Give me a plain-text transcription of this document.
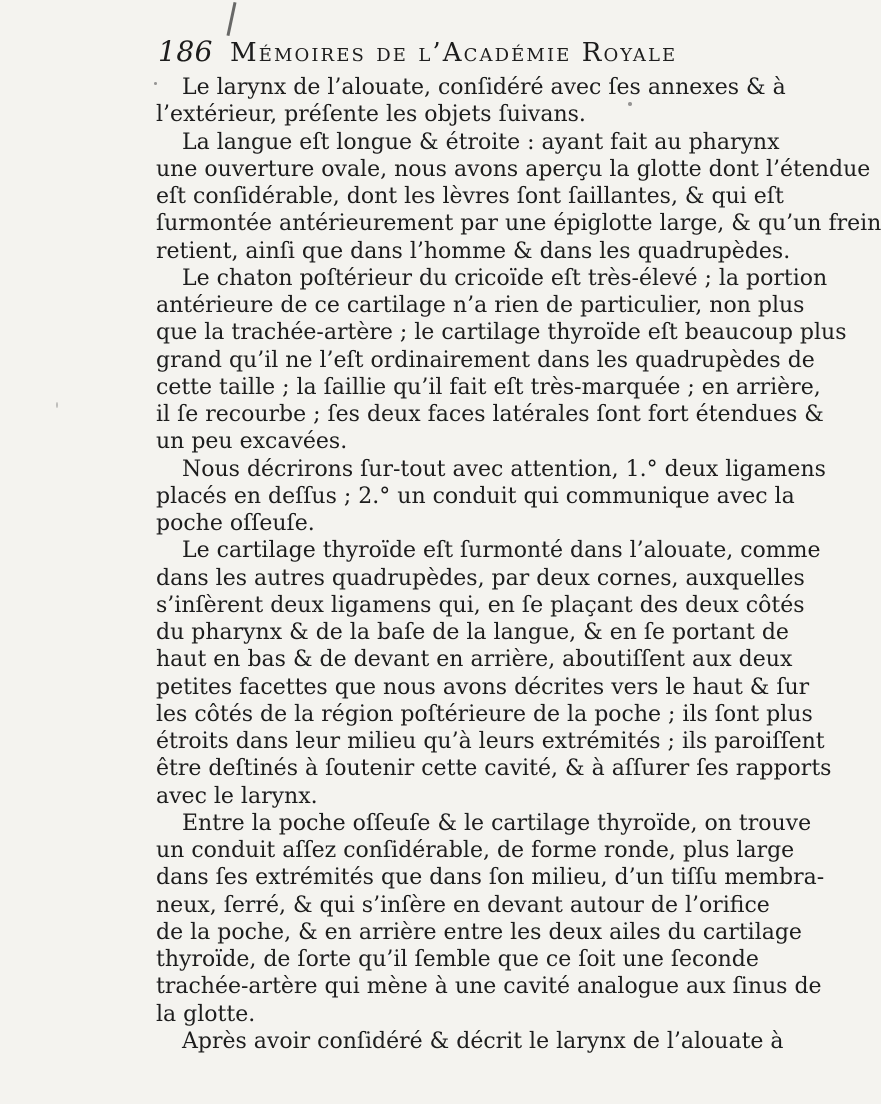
186 Mémoires de l’Académie Royale
Le larynx de l’alouate, conſidéré avec ſes annexes & à
l’extérieur, préſente les objets ſuivans.
La langue eſt longue & étroite : ayant fait au pharynx
une ouverture ovale, nous avons aperçu la glotte dont l’étendue
eſt conſidérable, dont les lèvres ſont ſaillantes, & qui eſt
ſurmontée antérieurement par une épiglotte large, & qu’un frein
retient, ainſi que dans l’homme & dans les quadrupèdes.
Le chaton poſtérieur du cricoïde eſt très-élevé ; la portion
antérieure de ce cartilage n’a rien de particulier, non plus
que la trachée-artère ; le cartilage thyroïde eſt beaucoup plus
grand qu’il ne l’eſt ordinairement dans les quadrupèdes de
cette taille ; la ſaillie qu’il fait eſt très-marquée ; en arrière,
il ſe recourbe ; ſes deux faces latérales ſont fort étendues &
un peu excavées.
Nous décrirons ſur-tout avec attention, 1.° deux ligamens
placés en deſſus ; 2.° un conduit qui communique avec la
poche oſſeuſe.
Le cartilage thyroïde eſt ſurmonté dans l’alouate, comme
dans les autres quadrupèdes, par deux cornes, auxquelles
s’inſèrent deux ligamens qui, en ſe plaçant des deux côtés
du pharynx & de la baſe de la langue, & en ſe portant de
haut en bas & de devant en arrière, aboutiſſent aux deux
petites facettes que nous avons décrites vers le haut & ſur
les côtés de la région poſtérieure de la poche ; ils ſont plus
étroits dans leur milieu qu’à leurs extrémités ; ils paroiſſent
être deſtinés à ſoutenir cette cavité, & à aſſurer ſes rapports
avec le larynx.
Entre la poche oſſeuſe & le cartilage thyroïde, on trouve
un conduit aſſez conſidérable, de forme ronde, plus large
dans ſes extrémités que dans ſon milieu, d’un tiſſu membra-
neux, ſerré, & qui s’inſère en devant autour de l’orifice
de la poche, & en arrière entre les deux ailes du cartilage
thyroïde, de ſorte qu’il ſemble que ce ſoit une ſeconde
trachée-artère qui mène à une cavité analogue aux ſinus de
la glotte.
Après avoir conſidéré & décrit le larynx de l’alouate à
